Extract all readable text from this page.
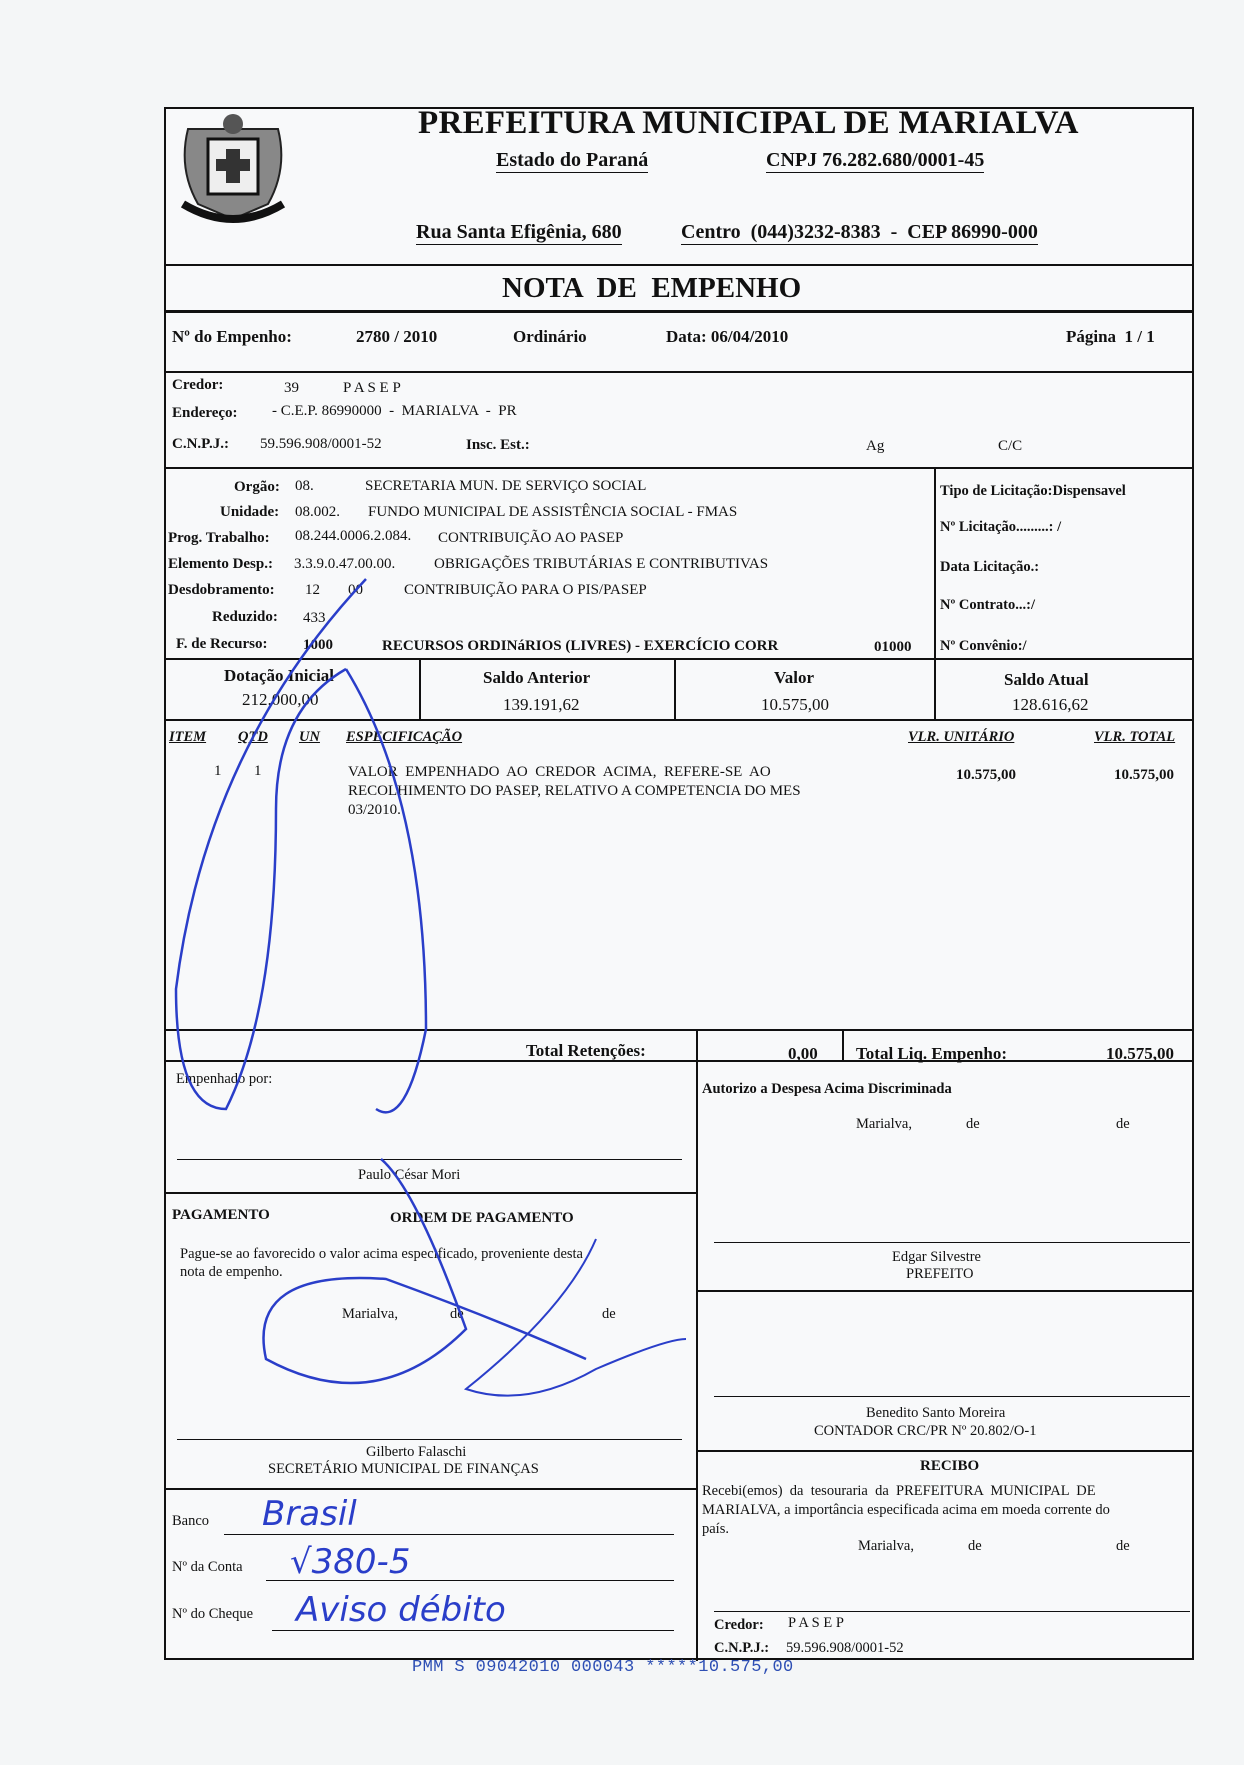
PREFEITURA MUNICIPAL DE MARIALVA
Estado do Paraná	CNPJ 76.282.680/0001-45
Rua Santa Efigênia, 680	Centro  (044)3232-8383  -  CEP 86990-000
NOTA  DE  EMPENHO
Nº do Empenho:	2780 / 2010	Ordinário	Data: 06/04/2010	Página  1 / 1
Credor:	39	P A S E P
Endereço: - C.E.P. 86990000  -  MARIALVA  -  PR
C.N.P.J.: 59.596.908/0001-52	Insc. Est.:	Ag	C/C
Orgão: 08.	SECRETARIA MUN. DE SERVIÇO SOCIAL
Unidade: 08.002. FUNDO MUNICIPAL DE ASSISTÊNCIA SOCIAL - FMAS
Prog. Trabalho: 08.244.0006.2.084. CONTRIBUIÇÃO AO PASEP
Elemento Desp.: 3.3.9.0.47.00.00.	OBRIGAÇÕES TRIBUTÁRIAS E CONTRIBUTIVAS
Desdobramento: 12 00	CONTRIBUIÇÃO PARA O PIS/PASEP
Reduzido: 433
F. de Recurso: 1000	RECURSOS ORDINáRIOS (LIVRES) - EXERCÍCIO CORR	01000
Tipo de Licitação:Dispensavel
Nº Licitação.........: /
Data Licitação.:
Nº Contrato...:/
Nº Convênio:/
Dotação Inicial
212.000,00
Saldo Anterior
139.191,62
Valor
10.575,00
Saldo Atual
128.616,62
ITEM QTD UN ESPECIFICAÇÃO	VLR. UNITÁRIO	VLR. TOTAL
1 1	VALOR  EMPENHADO  AO  CREDOR  ACIMA,  REFERE-SE  AO
RECOLHIMENTO DO PASEP, RELATIVO A COMPETENCIA DO MES
03/2010.
10.575,00	10.575,00
Total Retenções:	0,00 Total Liq. Empenho:	10.575,00
Empenhado por:
Paulo César Mori
Autorizo a Despesa Acima Discriminada
Marialva,	de	de
Edgar Silvestre
PREFEITO
PAGAMENTO	ORDEM DE PAGAMENTO
Pague-se ao favorecido o valor acima especificado, proveniente desta
nota de empenho.
Marialva,	de	de
Gilberto Falaschi
SECRETÁRIO MUNICIPAL DE FINANÇAS
Benedito Santo Moreira
CONTADOR CRC/PR Nº 20.802/O-1
Banco Brasil
Nº da Conta √380-5
Nº do Cheque Aviso débito
RECIBO
Recebi(emos)  da  tesouraria  da  PREFEITURA  MUNICIPAL  DE
MARIALVA, a importância especificada acima em moeda corrente do
país.
Marialva,	de	de
Credor: P A S E P
C.N.P.J.: 59.596.908/0001-52
PMM S 09042010 000043 *****10.575,00
